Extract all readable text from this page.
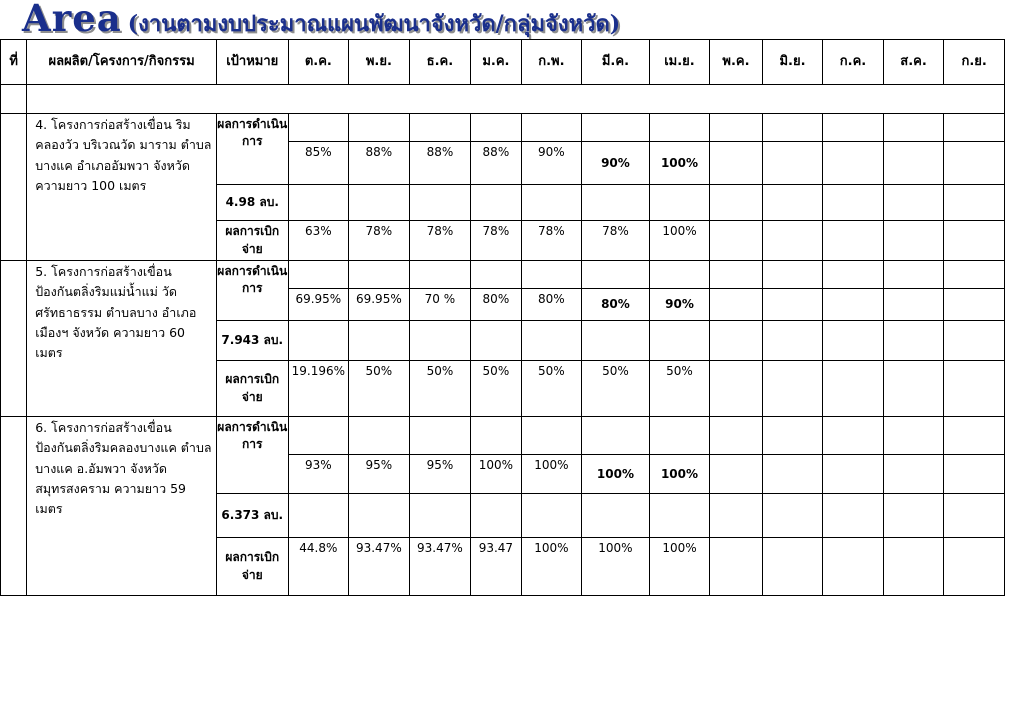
Area (งานตามงบประมาณแผนพัฒนาจังหวัด/กลุ่มจังหวัด)
ที่	ผลผลิต/โครงการ/กิจกรรม	เป้าหมาย	ต.ค.	พ.ย.	ธ.ค.	ม.ค.	ก.พ.	มี.ค.	เม.ย.	พ.ค.	มิ.ย.	ก.ค.	ส.ค.	ก.ย.

	4. โครงการก่อสร้างเขื่อน ริมคลองวัว บริเวณวัด มาราม ตำบลบางแค อำเภออัมพวา จังหวัด ความยาว 100 เมตร	ผลการดำเนินการ												
			85%	88%	88%	88%	90%	90%	100%					
		4.98 ลบ.												
		ผลการเบิกจ่าย	63%	78%	78%	78%	78%	78%	100%					
	5. โครงการก่อสร้างเขื่อน ป้องกันตลิ่งริมแม่น้ำแม่ วัดศรัทธาธรรม ตำบลบาง อำเภอเมืองฯ จังหวัด ความยาว 60 เมตร	ผลการดำเนินการ												
			69.95%	69.95%	70 %	80%	80%	80%	90%					
		7.943 ลบ.												
		ผลการเบิกจ่าย	19.196%	50%	50%	50%	50%	50%	50%					
	6. โครงการก่อสร้างเขื่อน ป้องกันตลิ่งริมคลองบางแค ตำบลบางแค อ.อัมพวา จังหวัดสมุทรสงคราม ความยาว 59 เมตร	ผลการดำเนินการ												
			93%	95%	95%	100%	100%	100%	100%					
		6.373 ลบ.												
		ผลการเบิกจ่าย	44.8%	93.47%	93.47%	93.47	100%	100%	100%					
